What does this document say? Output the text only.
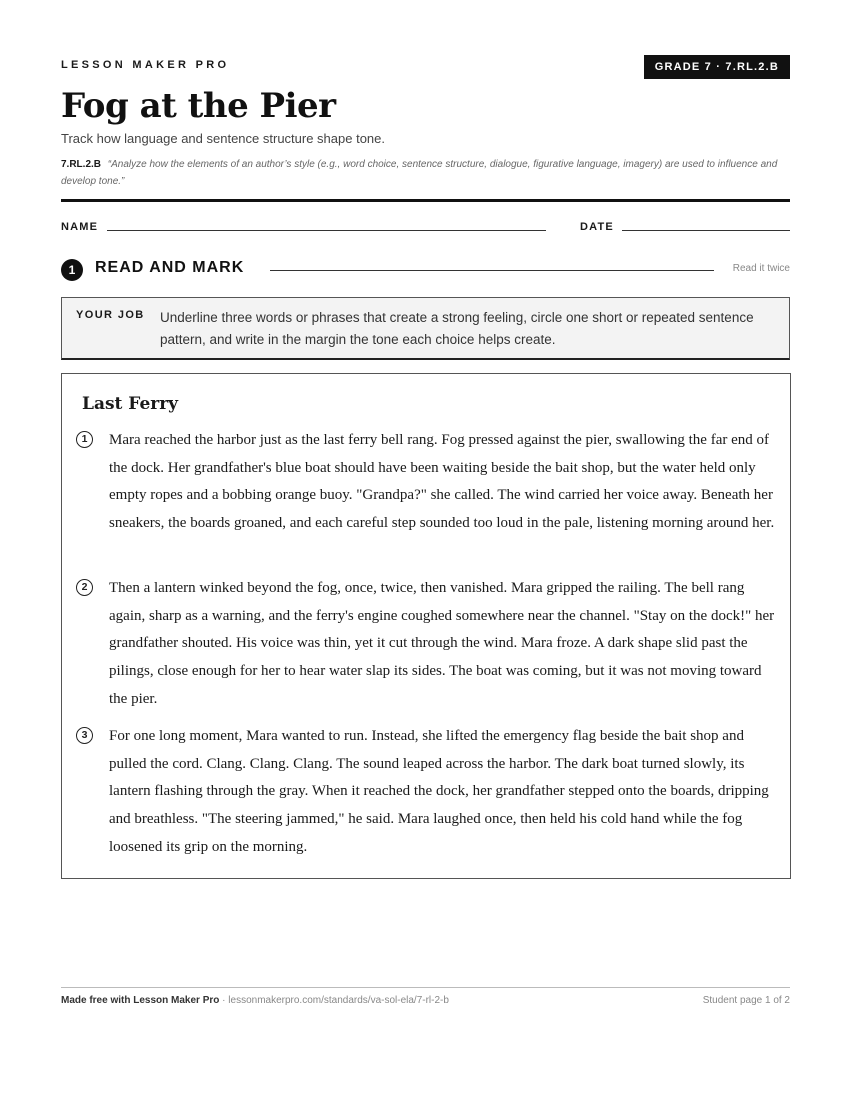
LESSON MAKER PRO	GRADE 7 · 7.RL.2.B
Fog at the Pier
Track how language and sentence structure shape tone.
7.RL.2.B “Analyze how the elements of an author’s style (e.g., word choice, sentence structure, dialogue, figurative language, imagery) are used to influence and develop tone.”
NAME	DATE
1	READ AND MARK	Read it twice
YOUR JOB Underline three words or phrases that create a strong feeling, circle one short or repeated sentence pattern, and write in the margin the tone each choice helps create.
Last Ferry
1	Mara reached the harbor just as the last ferry bell rang. Fog pressed against the pier, swallowing the far end of the dock. Her grandfather's blue boat should have been waiting beside the bait shop, but the water held only empty ropes and a bobbing orange buoy. "Grandpa?" she called. The wind carried her voice away. Beneath her sneakers, the boards groaned, and each careful step sounded too loud in the pale, listening morning around her.

2	Then a lantern winked beyond the fog, once, twice, then vanished. Mara gripped the railing. The bell rang again, sharp as a warning, and the ferry's engine coughed somewhere near the channel. "Stay on the dock!" her grandfather shouted. His voice was thin, yet it cut through the wind. Mara froze. A dark shape slid past the pilings, close enough for her to hear water slap its sides. The boat was coming, but it was not moving toward the pier.

3	For one long moment, Mara wanted to run. Instead, she lifted the emergency flag beside the bait shop and pulled the cord. Clang. Clang. Clang. The sound leaped across the harbor. The dark boat turned slowly, its lantern flashing through the gray. When it reached the dock, her grandfather stepped onto the boards, dripping and breathless. "The steering jammed," he said. Mara laughed once, then held his cold hand while the fog loosened its grip on the morning.

Made free with Lesson Maker Pro · lessonmakerpro.com/standards/va-sol-ela/7-rl-2-b	Student page 1 of 2
